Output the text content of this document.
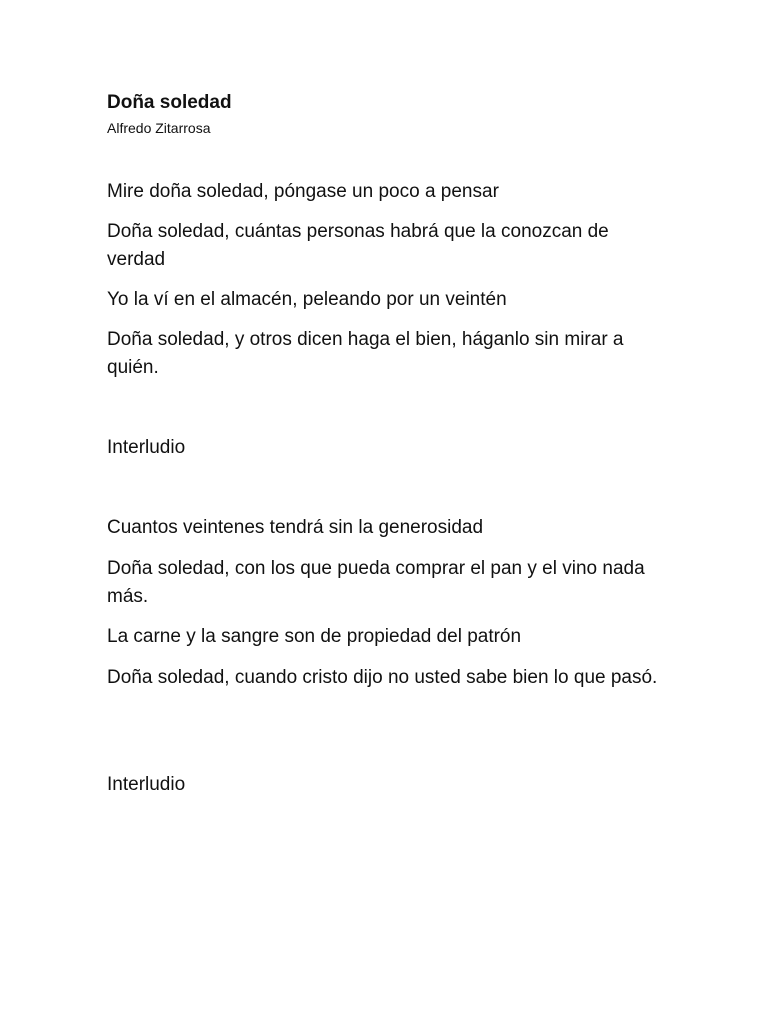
Doña soledad

Alfredo Zitarrosa

Mire doña soledad, póngase un poco a pensar

Doña soledad, cuántas personas habrá que la conozcan de verdad

Yo la ví en el almacén, peleando por un veintén

Doña soledad, y otros dicen haga el bien, háganlo sin mirar a quién.

Interludio

Cuantos veintenes tendrá sin la generosidad

Doña soledad, con los que pueda comprar el pan y el vino nada más.

La carne y la sangre son de propiedad del patrón

Doña soledad, cuando cristo dijo no usted sabe bien lo que pasó.

Interludio
